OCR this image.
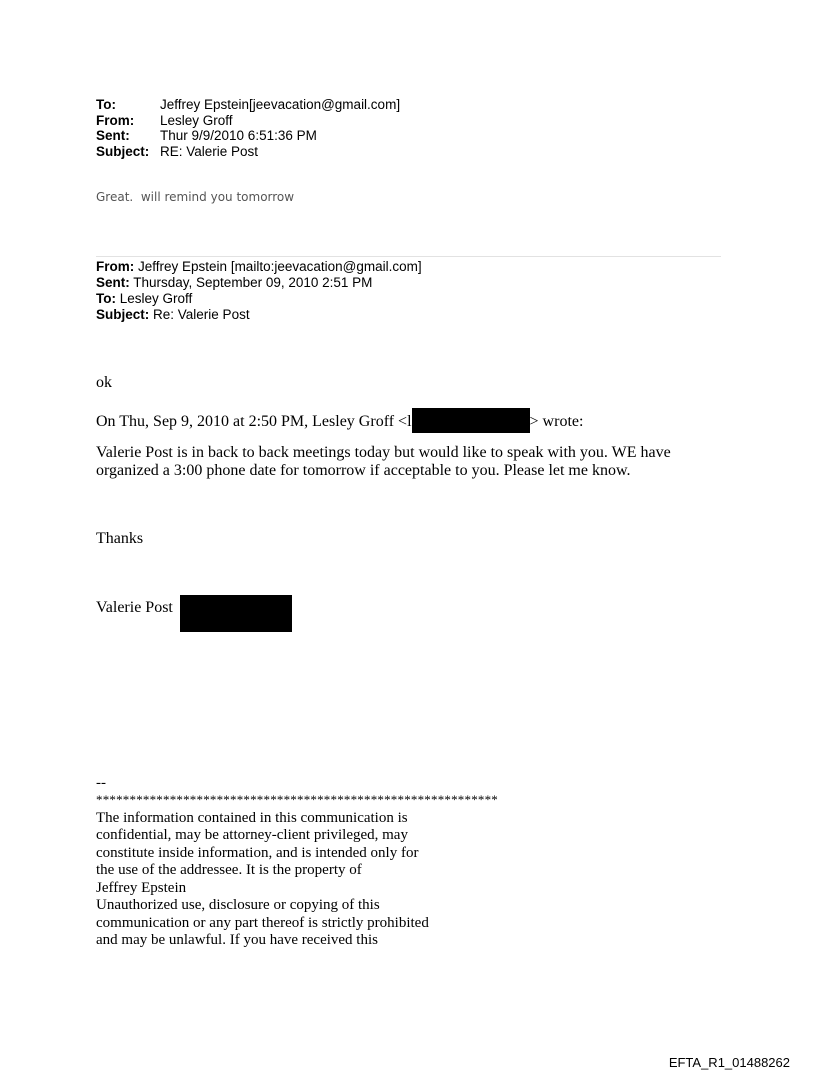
To:	Jeffrey Epstein[jeevacation@gmail.com]
From:	Lesley Groff
Sent:	Thur 9/9/2010 6:51:36 PM
Subject: RE: Valerie Post
Great.  will remind you tomorrow
From: Jeffrey Epstein [mailto:jeevacation@gmail.com]
Sent: Thursday, September 09, 2010 2:51 PM
To: Lesley Groff
Subject: Re: Valerie Post
ok
On Thu, Sep 9, 2010 at 2:50 PM, Lesley Groff <l	> wrote:
Valerie Post is in back to back meetings today but would like to speak with you. WE have
organized a 3:00 phone date for tomorrow if acceptable to you. Please let me know.
Thanks
Valerie Post
--
************************************************************
The information contained in this communication is
confidential, may be attorney-client privileged, may
constitute inside information, and is intended only for
the use of the addressee. It is the property of
Jeffrey Epstein
Unauthorized use, disclosure or copying of this
communication or any part thereof is strictly prohibited
and may be unlawful. If you have received this
EFTA_R1_01488262
